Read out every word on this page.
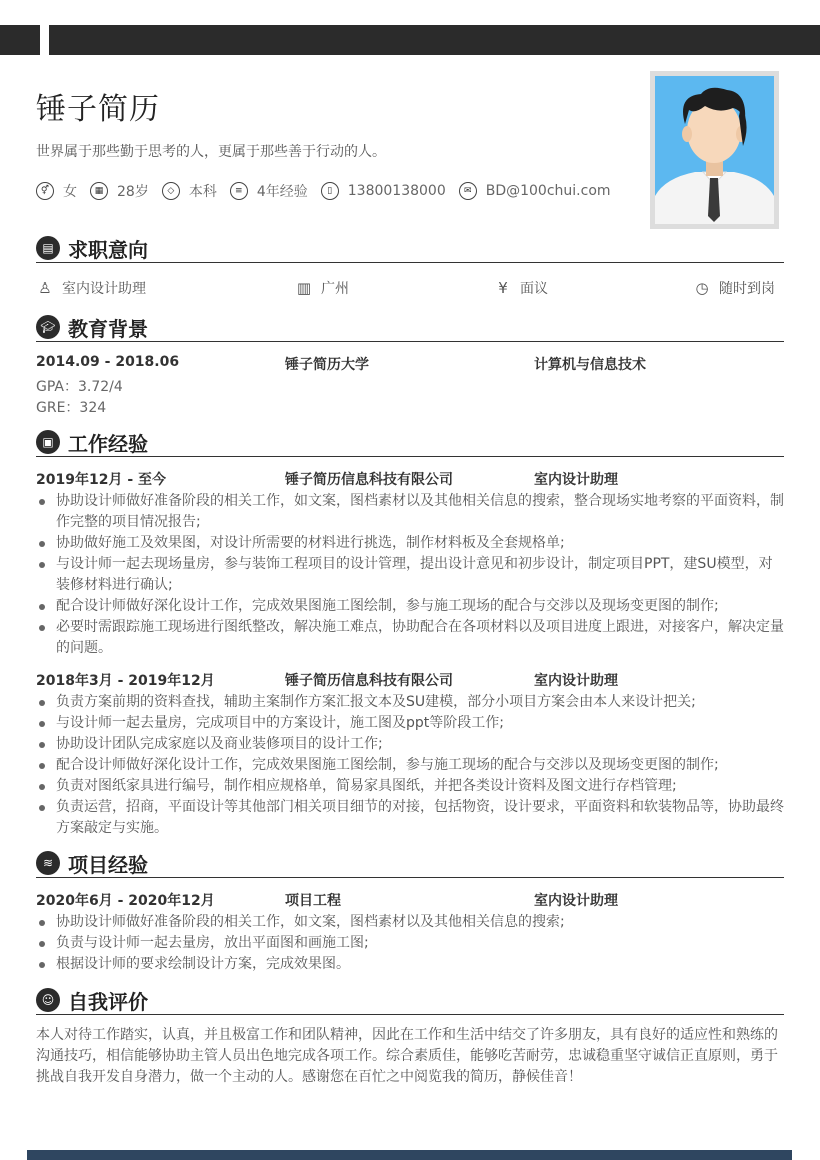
锤子简历
世界属于那些勤于思考的人，更属于那些善于行动的人。
⚥ 女	▦ 28岁	◇	本科	≡	4年经验	▯	13800138000	✉	BD@100chui.com
▤ 求职意向
♙ 室内设计助理	▥ 广州	¥ 面议	◷ 随时到岗
🎓︎ 教育背景
2014.09 - 2018.06	锤子简历大学	计算机与信息技术
GPA：3.72/4
GRE：324
▣ 工作经验
2019年12月 - 至今	锤子简历信息科技有限公司	室内设计助理
协助设计师做好准备阶段的相关工作，如文案，图档素材以及其他相关信息的搜索，整合现场实地考察的平面资料，制作完整的项目情况报告;
协助做好施工及效果图，对设计所需要的材料进行挑选，制作材料板及全套规格单;
与设计师一起去现场量房，参与装饰工程项目的设计管理，提出设计意见和初步设计，制定项目PPT，建SU模型，对装修材料进行确认;
配合设计师做好深化设计工作，完成效果图施工图绘制，参与施工现场的配合与交涉以及现场变更图的制作;
必要时需跟踪施工现场进行图纸整改，解决施工难点，协助配合在各项材料以及项目进度上跟进，对接客户，解决定量的问题。
2018年3月 - 2019年12月	锤子简历信息科技有限公司	室内设计助理
负责方案前期的资料查找，辅助主案制作方案汇报文本及SU建模，部分小项目方案会由本人来设计把关;
与设计师一起去量房，完成项目中的方案设计，施工图及ppt等阶段工作;
协助设计团队完成家庭以及商业装修项目的设计工作;
配合设计师做好深化设计工作，完成效果图施工图绘制，参与施工现场的配合与交涉以及现场变更图的制作;
负责对图纸家具进行编号，制作相应规格单，简易家具图纸，并把各类设计资料及图文进行存档管理;
负责运营，招商，平面设计等其他部门相关项目细节的对接，包括物资，设计要求，平面资料和软装物品等，协助最终方案敲定与实施。
≋ 项目经验
2020年6月 - 2020年12月	项目工程	室内设计助理
协助设计师做好准备阶段的相关工作，如文案，图档素材以及其他相关信息的搜索;
负责与设计师一起去量房，放出平面图和画施工图;
根据设计师的要求绘制设计方案，完成效果图。
☺ 自我评价
本人对待工作踏实，认真，并且极富工作和团队精神，因此在工作和生活中结交了许多朋友，具有良好的适应性和熟练的沟通技巧，相信能够协助主管人员出色地完成各项工作。综合素质佳，能够吃苦耐劳，忠诚稳重坚守诚信正直原则，勇于挑战自我开发自身潜力，做一个主动的人。感谢您在百忙之中阅览我的简历，静候佳音！
